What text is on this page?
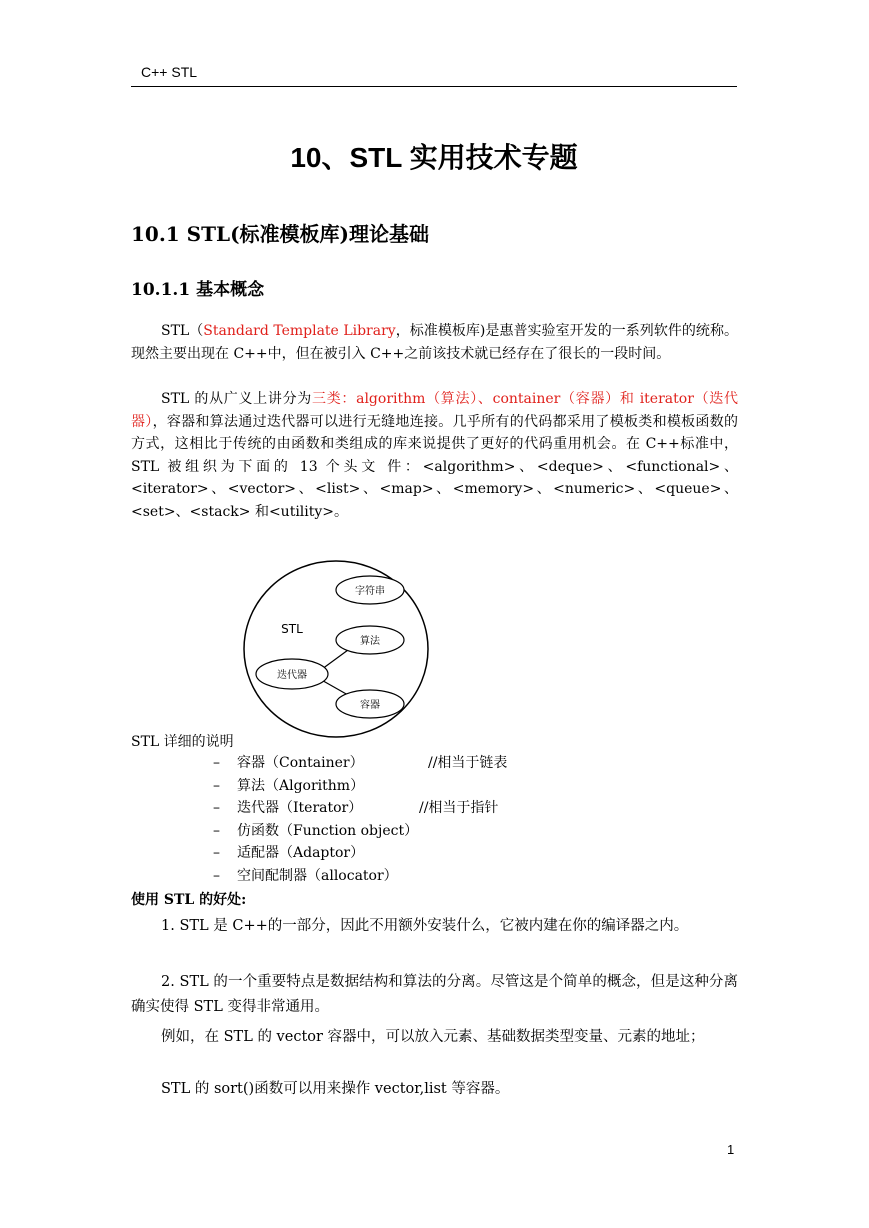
C++ STL
10、STL 实用技术专题
10.1 STL(标准模板库)理论基础
10.1.1 基本概念
STL（Standard Template Library，标准模板库)是惠普实验室开发的一系列软件的统称。现然主要出现在 C++中，但在被引入 C++之前该技术就已经存在了很长的一段时间。
STL 的从广义上讲分为三类：algorithm（算法）、container（容器）和 iterator（迭代器），容器和算法通过迭代器可以进行无缝地连接。几乎所有的代码都采用了模板类和模板函数的方式，这相比于传统的由函数和类组成的库来说提供了更好的代码重用机会。在 C++标准中，STL 被组织为下面的 13 个头文 件：<algorithm>、<deque>、<functional>、<iterator>、<vector>、<list>、<map>、<memory>、<numeric>、<queue>、<set>、<stack> 和<utility>。
字符串
STL
算法
迭代器
容器
STL 详细的说明
– 容器（Container）	//相当于链表
– 算法（Algorithm）
– 迭代器（Iterator）	//相当于指针
– 仿函数（Function object）
– 适配器（Adaptor）
– 空间配制器（allocator）
使用 STL 的好处:
1. STL 是 C++的一部分，因此不用额外安装什么，它被内建在你的编译器之内。
2. STL 的一个重要特点是数据结构和算法的分离。尽管这是个简单的概念，但是这种分离确实使得 STL 变得非常通用。
例如，在 STL 的 vector 容器中，可以放入元素、基础数据类型变量、元素的地址；
STL 的 sort()函数可以用来操作 vector,list 等容器。
1
